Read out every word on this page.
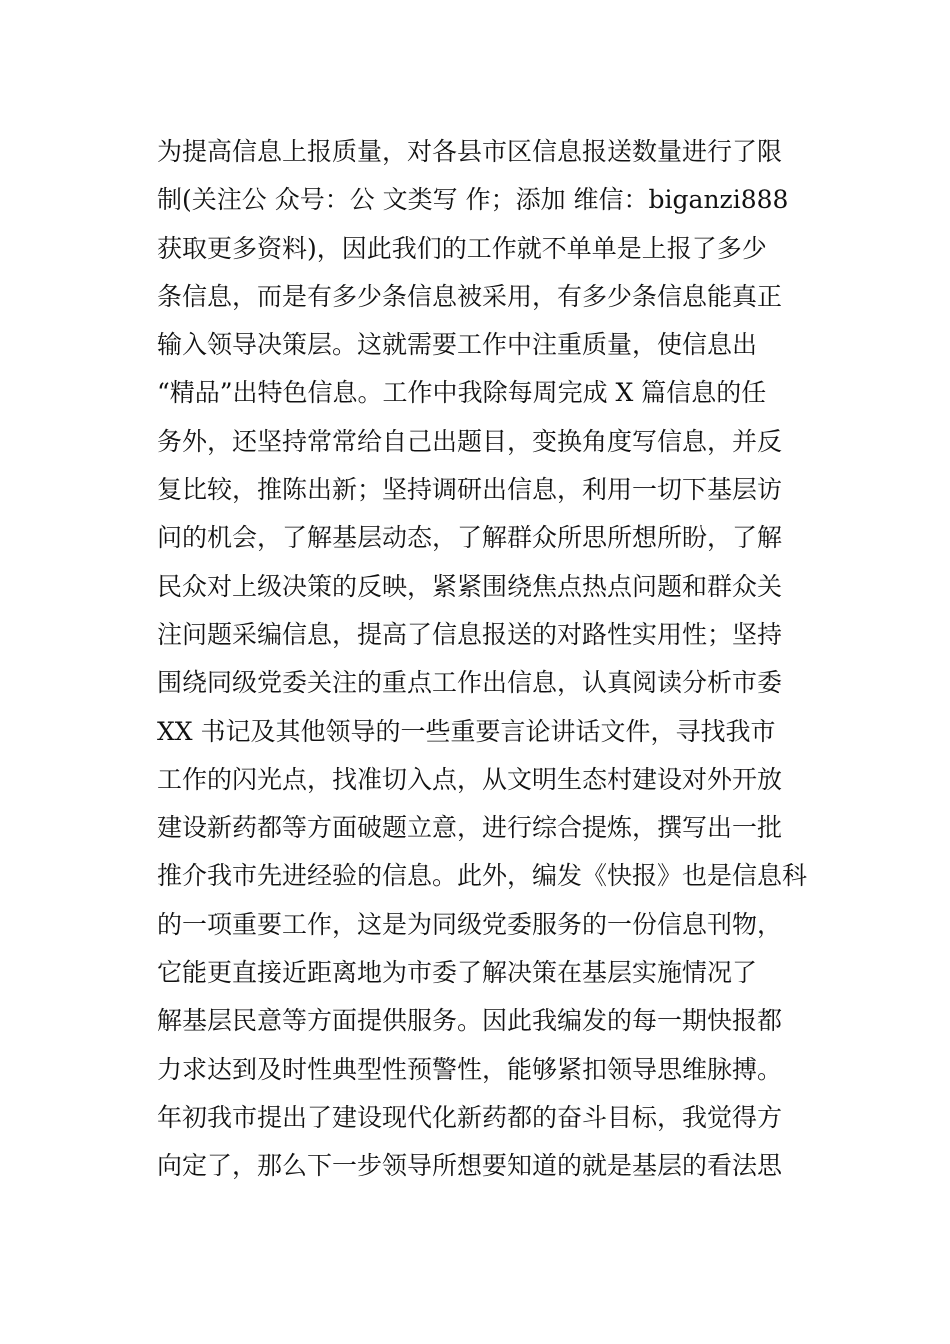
为提高信息上报质量，对各县市区信息报送数量进行了限
制(关注公 众号：公 文类写 作；添加 维信：biganzi888
获取更多资料)，因此我们的工作就不单单是上报了多少
条信息，而是有多少条信息被采用，有多少条信息能真正
输入领导决策层。这就需要工作中注重质量，使信息出
“精品”出特色信息。工作中我除每周完成 X 篇信息的任
务外，还坚持常常给自己出题目，变换角度写信息，并反
复比较，推陈出新；坚持调研出信息，利用一切下基层访
问的机会，了解基层动态，了解群众所思所想所盼，了解
民众对上级决策的反映，紧紧围绕焦点热点问题和群众关
注问题采编信息，提高了信息报送的对路性实用性；坚持
围绕同级党委关注的重点工作出信息，认真阅读分析市委
XX 书记及其他领导的一些重要言论讲话文件，寻找我市
工作的闪光点，找准切入点，从文明生态村建设对外开放
建设新药都等方面破题立意，进行综合提炼，撰写出一批
推介我市先进经验的信息。此外，编发《快报》也是信息科
的一项重要工作，这是为同级党委服务的一份信息刊物，
它能更直接近距离地为市委了解决策在基层实施情况了
解基层民意等方面提供服务。因此我编发的每一期快报都
力求达到及时性典型性预警性，能够紧扣领导思维脉搏。
年初我市提出了建设现代化新药都的奋斗目标，我觉得方
向定了，那么下一步领导所想要知道的就是基层的看法思
